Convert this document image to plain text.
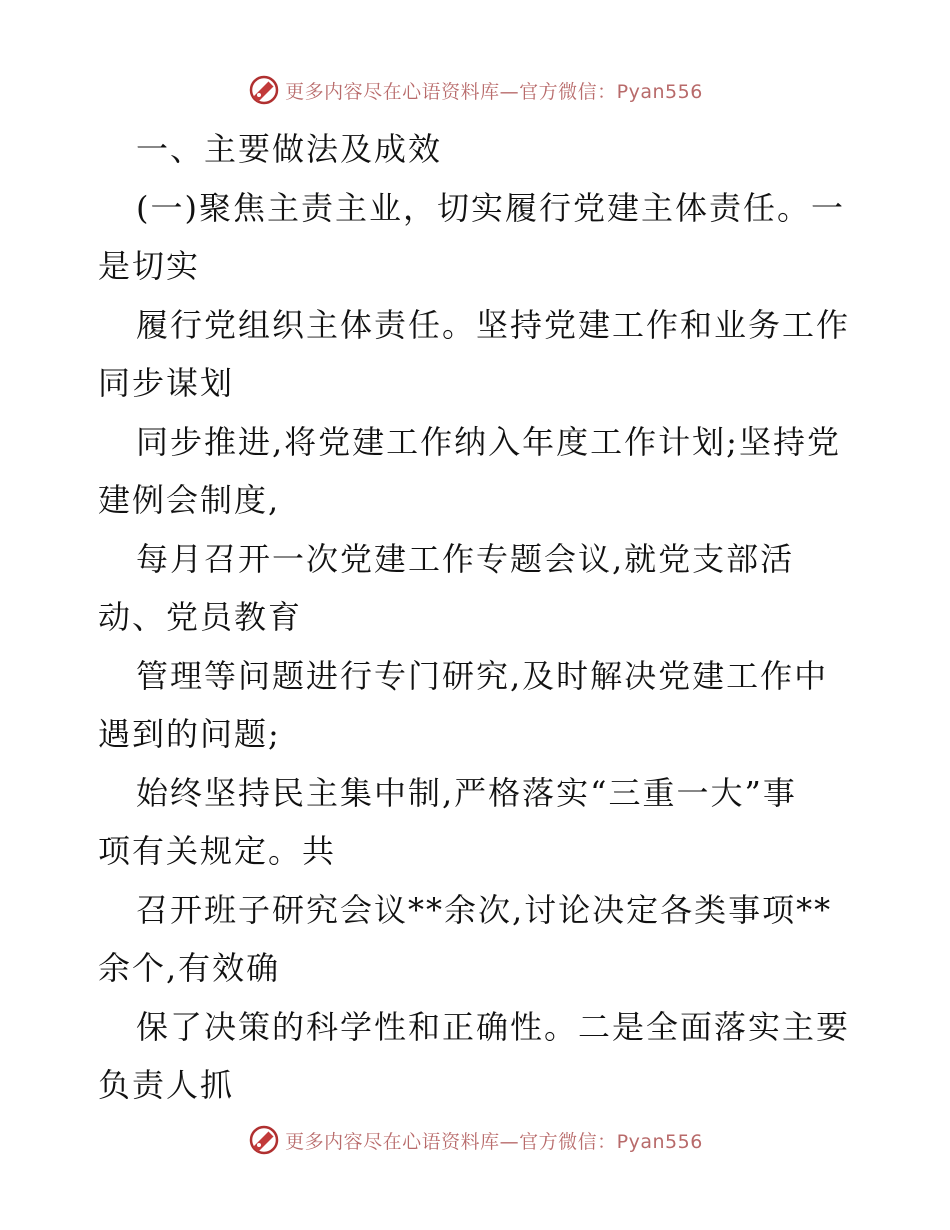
更多内容尽在心语资料库—官方微信：Pyan556
一、主要做法及成效
(一)聚焦主责主业，切实履行党建主体责任。一
是切实
履行党组织主体责任。坚持党建工作和业务工作
同步谋划
同步推进,将党建工作纳入年度工作计划;坚持党
建例会制度,
每月召开一次党建工作专题会议,就党支部活
动、党员教育
管理等问题进行专门研究,及时解决党建工作中
遇到的问题;
始终坚持民主集中制,严格落实“三重一大”事
项有关规定。共
召开班子研究会议**余次,讨论决定各类事项**
余个,有效确
保了决策的科学性和正确性。二是全面落实主要
负责人抓
更多内容尽在心语资料库—官方微信：Pyan556
